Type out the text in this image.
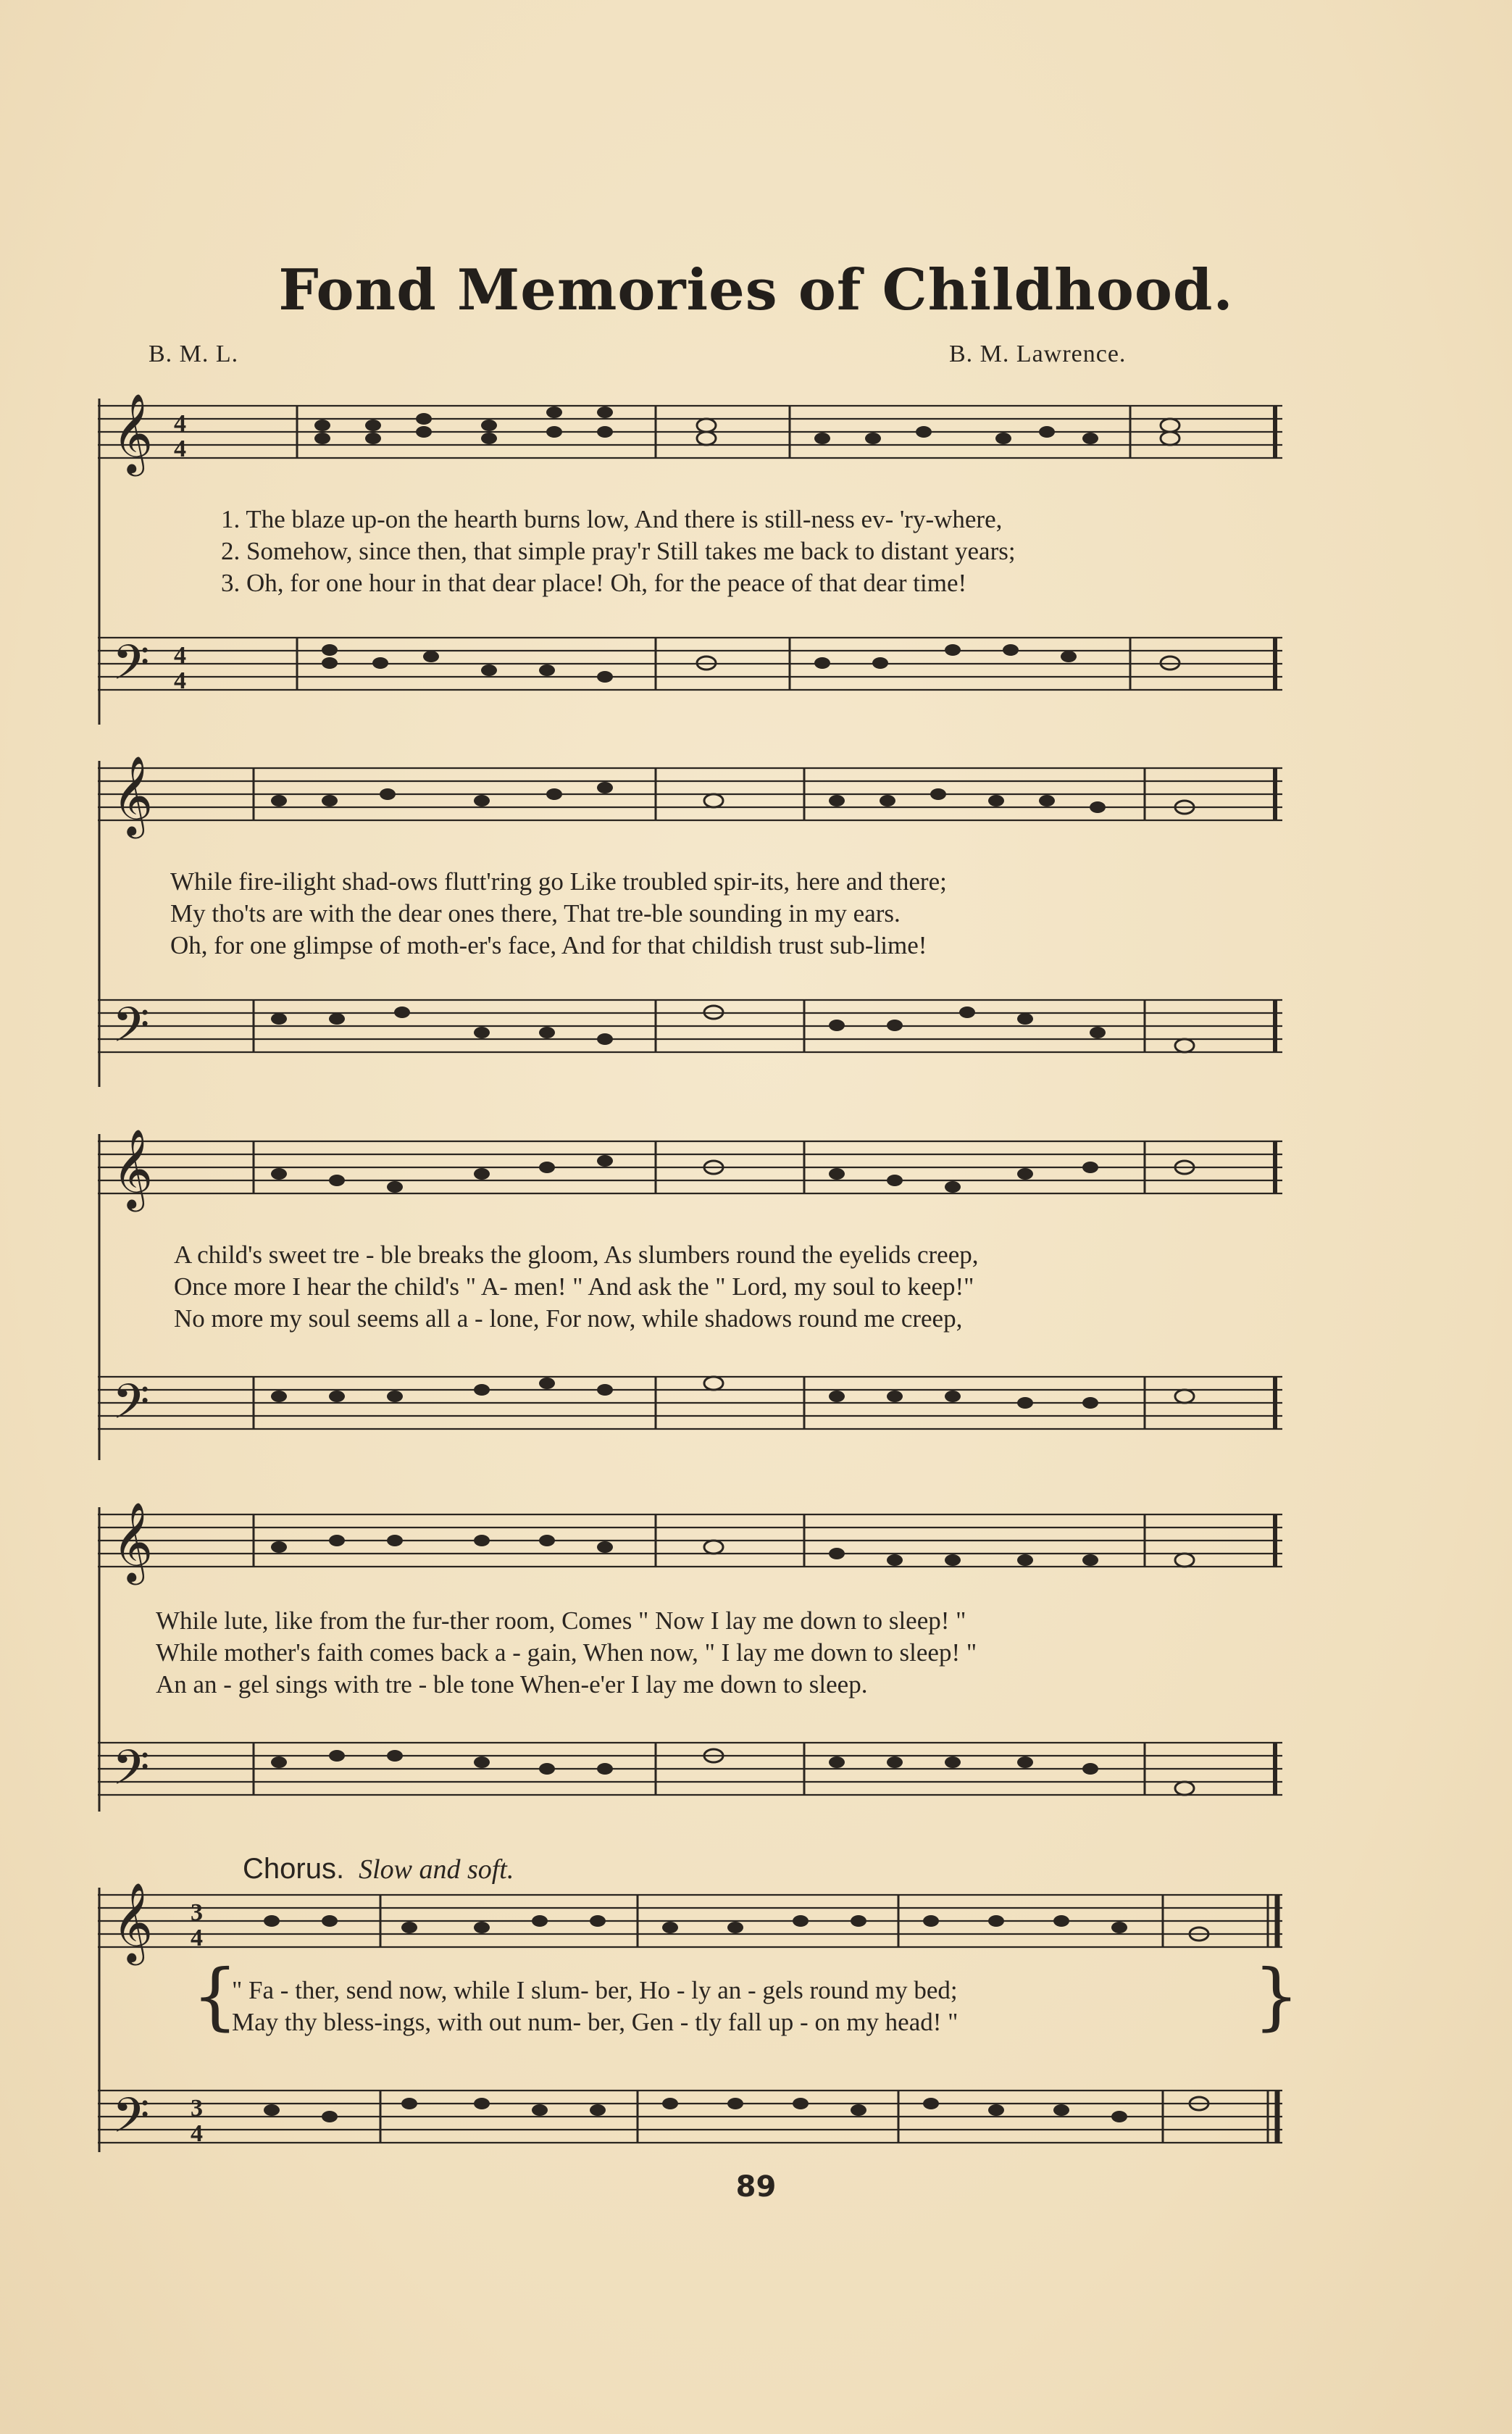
Fond Memories of Childhood.
B. M. L.	B. M. Lawrence.
𝄞
𝄢
4
4
4
4
1. The blaze up-on the hearth burns low, And there is still-ness ev- 'ry-where,
2. Somehow, since then, that simple pray'r Still takes me back to distant years;
3. Oh, for one hour in that dear place! Oh, for the peace of that dear time!
𝄞
𝄢
While fire-ilight shad-ows flutt'ring go Like troubled spir-its, here and there;
My tho'ts are with the dear ones there, That tre-ble sounding in my ears.
Oh, for one glimpse of moth-er's face, And for that childish trust sub-lime!
𝄞
𝄢
A child's sweet tre - ble breaks the gloom, As slumbers round the eyelids creep,
Once more I hear the child's " A- men! " And ask the " Lord, my soul to keep!"
No more my soul seems all a - lone, For now, while shadows round me creep,
𝄞
𝄢
While lute, like from the fur-ther room, Comes " Now I lay me down to sleep! "
While mother's faith comes back a - gain, When now, " I lay me down to sleep! "
An an - gel sings with tre - ble tone When-e'er I lay me down to sleep.
Chorus. Slow and soft.
𝄞
𝄢
3
4
3
4
{	}
" Fa - ther, send now, while I slum- ber, Ho - ly an - gels round my bed;
May thy bless-ings, with out num- ber, Gen - tly fall up - on my head! "
89
